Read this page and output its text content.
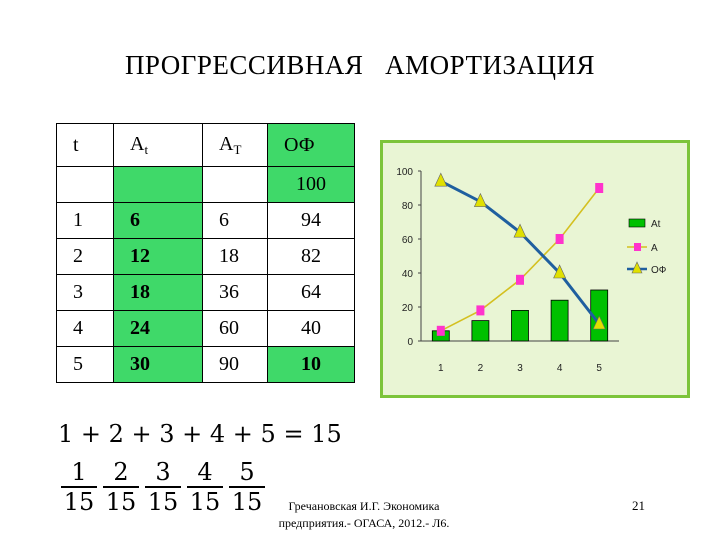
ПРОГРЕССИВНАЯ   АМОРТИЗАЦИЯ
t	$A_t$	$A_T$	ОФ
			100
1	6	6	94
2	12	18	82
3	18	36	64
4	24	60	40
5	30	90	10
0
20
40
60
80
100
1	2	3	4	5
At
A
ОФ
1 + 2 + 3 + 4 + 5 = 15
$\frac{1}{15} \frac{2}{15} \frac{3}{15} \frac{4}{15} \frac{5}{15}$	Гречановская И.Г. Экономика
предприятия.- ОГАСА, 2012.- Л6.
21
